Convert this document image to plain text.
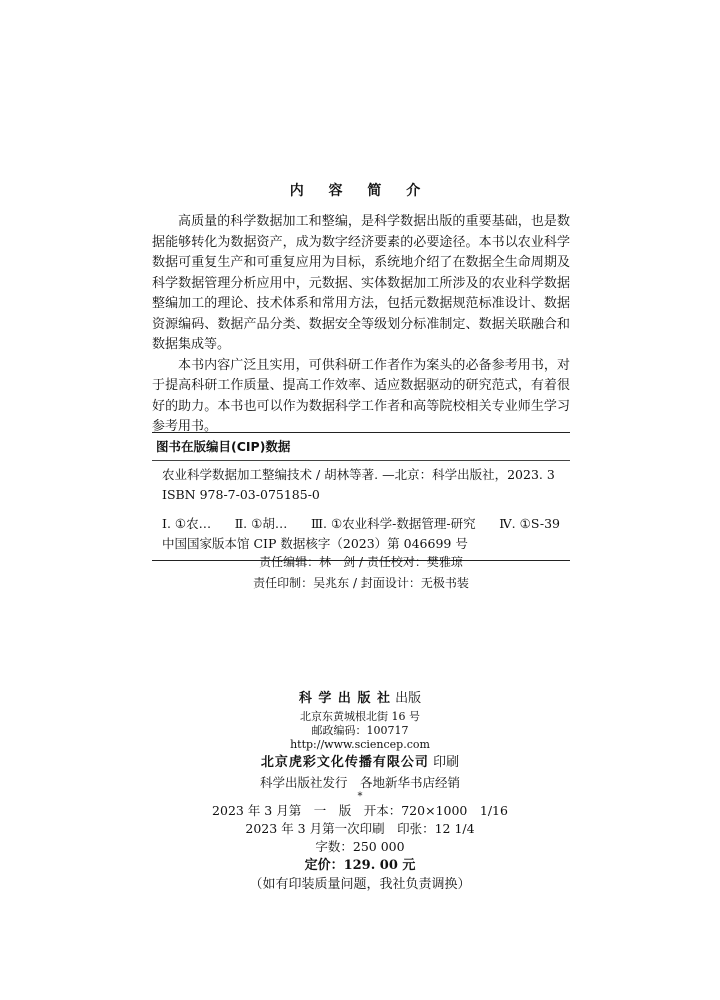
内 容 简 介

高质量的科学数据加工和整编，是科学数据出版的重要基础，也是数据能够转化为数据资产，成为数字经济要素的必要途径。本书以农业科学数据可重复生产和可重复应用为目标，系统地介绍了在数据全生命周期及科学数据管理分析应用中，元数据、实体数据加工所涉及的农业科学数据整编加工的理论、技术体系和常用方法，包括元数据规范标准设计、数据资源编码、数据产品分类、数据安全等级划分标准制定、数据关联融合和数据集成等。

本书内容广泛且实用，可供科研工作者作为案头的必备参考用书，对于提高科研工作质量、提高工作效率、适应数据驱动的研究范式，有着很好的助力。本书也可以作为数据科学工作者和高等院校相关专业师生学习参考用书。

图书在版编目(CIP)数据
农业科学数据加工整编技术 / 胡林等著. —北京：科学出版社，2023. 3
ISBN 978-7-03-075185-0
Ⅰ. ①农… Ⅱ. ①胡… Ⅲ. ①农业科学-数据管理-研究 Ⅳ. ①S-39
中国国家版本馆 CIP 数据核字（2023）第 046699 号
责任编辑：林　剑 / 责任校对：樊雅琼
责任印制：吴兆东 / 封面设计：无极书装
科 学 出 版 社 出版
北京东黄城根北街 16 号
邮政编码：100717
http://www.sciencep.com
北京虎彩文化传播有限公司 印刷
科学出版社发行　各地新华书店经销
*
2023 年 3 月第　一　版　开本：720×1000　1/16
2023 年 3 月第一次印刷　印张：12 1/4
字数：250 000
定价：129. 00 元
（如有印装质量问题，我社负责调换）
